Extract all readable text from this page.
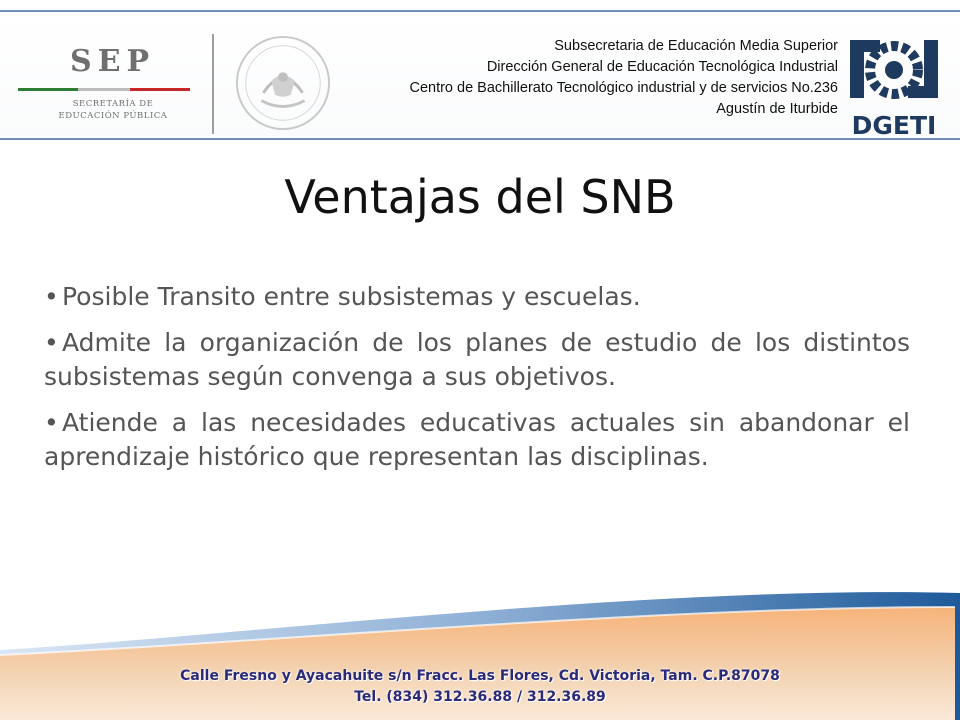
SEP
SECRETARÍA DE
EDUCACIÓN PÚBLICA
Subsecretaria de Educación Media Superior
Dirección General de Educación Tecnológica Industrial
Centro de Bachillerato Tecnológico industrial y de servicios No.236
Agustín de Iturbide
DGETI
Ventajas del SNB

• Posible Transito entre subsistemas y escuelas.

• Admite la organización de los planes de estudio de los distintos subsistemas según convenga a sus objetivos.

• Atiende a las necesidades educativas actuales sin abandonar el aprendizaje histórico que representan las disciplinas.

Calle Fresno y Ayacahuite s/n Fracc. Las Flores, Cd. Victoria, Tam. C.P.87078
Tel. (834) 312.36.88 / 312.36.89
